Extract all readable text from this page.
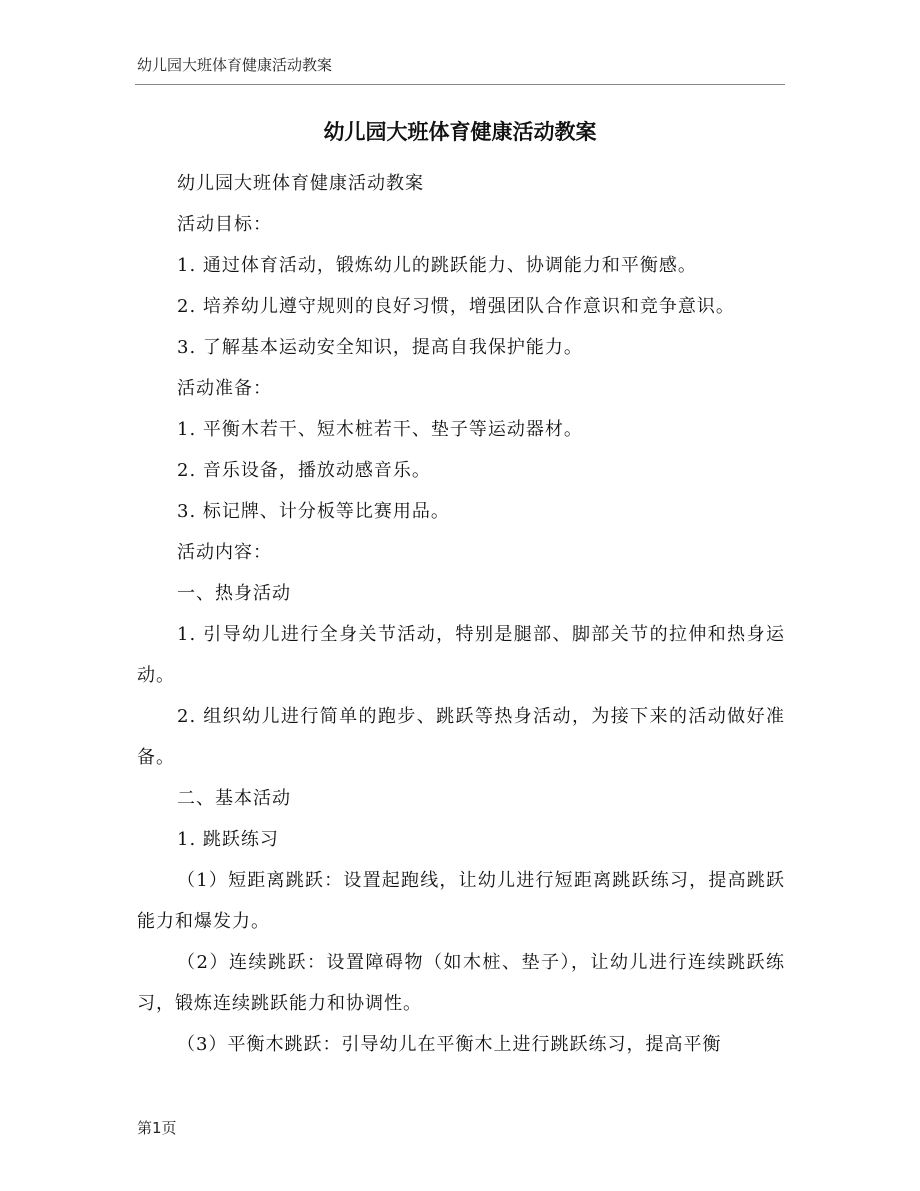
幼儿园大班体育健康活动教案
幼儿园大班体育健康活动教案

幼儿园大班体育健康活动教案

活动目标：

1. 通过体育活动，锻炼幼儿的跳跃能力、协调能力和平衡感。

2. 培养幼儿遵守规则的良好习惯，增强团队合作意识和竞争意识。

3. 了解基本运动安全知识，提高自我保护能力。

活动准备：

1. 平衡木若干、短木桩若干、垫子等运动器材。

2. 音乐设备，播放动感音乐。

3. 标记牌、计分板等比赛用品。

活动内容：

一、热身活动

1. 引导幼儿进行全身关节活动，特别是腿部、脚部关节的拉伸和热身运动。

2. 组织幼儿进行简单的跑步、跳跃等热身活动，为接下来的活动做好准备。

二、基本活动

1. 跳跃练习

（1）短距离跳跃：设置起跑线，让幼儿进行短距离跳跃练习，提高跳跃能力和爆发力。

（2）连续跳跃：设置障碍物（如木桩、垫子），让幼儿进行连续跳跃练习，锻炼连续跳跃能力和协调性。

（3）平衡木跳跃：引导幼儿在平衡木上进行跳跃练习，提高平衡

第1页
